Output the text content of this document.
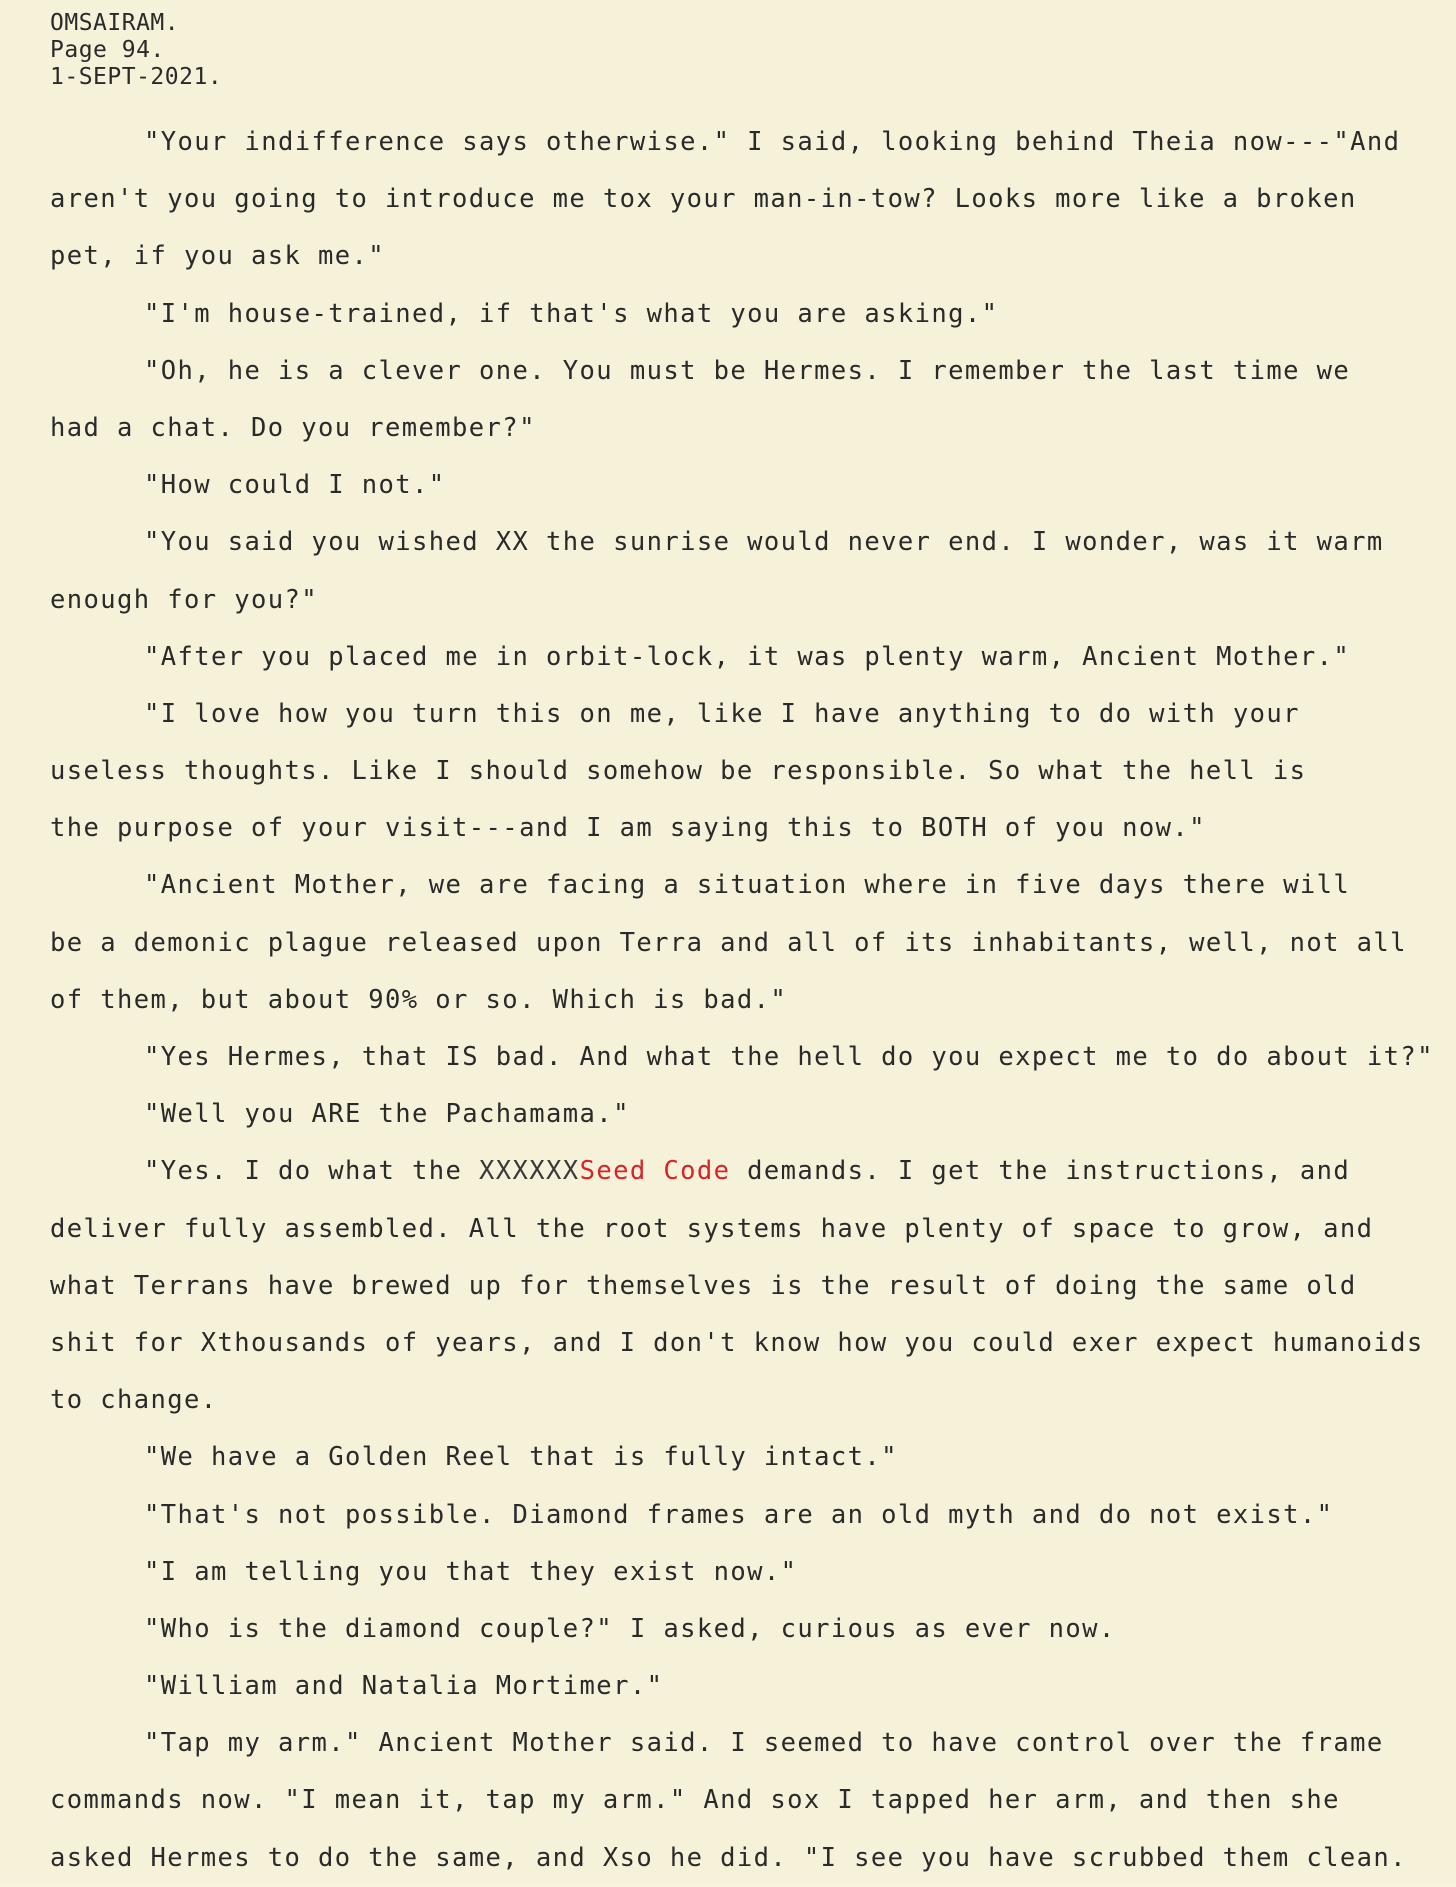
OMSAIRAM.
Page 94.
1-SEPT-2021.
"Your indifference says otherwise." I said, looking behind Theia now---"And
aren't you going to introduce me tox your man-in-tow? Looks more like a broken
pet, if you ask me."
"I'm house-trained, if that's what you are asking."
"Oh, he is a clever one. You must be Hermes. I remember the last time we
had a chat. Do you remember?"
"How could I not."
"You said you wished XX the sunrise would never end. I wonder, was it warm
enough for you?"
"After you placed me in orbit-lock, it was plenty warm, Ancient Mother."
"I love how you turn this on me, like I have anything to do with your
useless thoughts. Like I should somehow be responsible. So what the hell is
the purpose of your visit---and I am saying this to BOTH of you now."
"Ancient Mother, we are facing a situation where in five days there will
be a demonic plague released upon Terra and all of its inhabitants, well, not all
of them, but about 90% or so. Which is bad."
"Yes Hermes, that IS bad. And what the hell do you expect me to do about it?"
"Well you ARE the Pachamama."
"Yes. I do what the XXXXXXSeed Code demands. I get the instructions, and
deliver fully assembled. All the root systems have plenty of space to grow, and
what Terrans have brewed up for themselves is the result of doing the same old
shit for Xthousands of years, and I don't know how you could exer expect humanoids
to change.
"We have a Golden Reel that is fully intact."
"That's not possible. Diamond frames are an old myth and do not exist."
"I am telling you that they exist now."
"Who is the diamond couple?" I asked, curious as ever now.
"William and Natalia Mortimer."
"Tap my arm." Ancient Mother said. I seemed to have control over the frame
commands now. "I mean it, tap my arm." And sox I tapped her arm, and then she
asked Hermes to do the same, and Xso he did. "I see you have scrubbed them clean.
